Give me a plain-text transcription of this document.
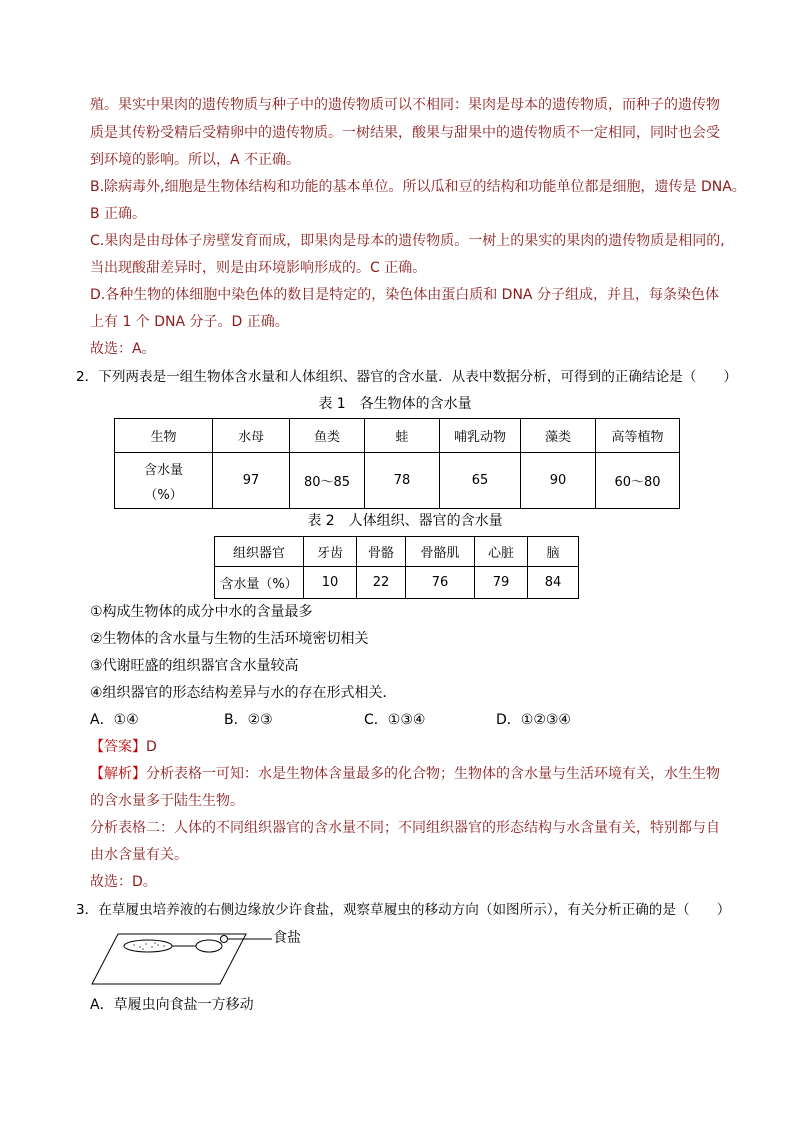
殖。果实中果肉的遗传物质与种子中的遗传物质可以不相同：果肉是母本的遗传物质，而种子的遗传物
质是其传粉受精后受精卵中的遗传物质。一树结果，酸果与甜果中的遗传物质不一定相同，同时也会受
到环境的影响。所以，A 不正确。
B.除病毒外,细胞是生物体结构和功能的基本单位。所以瓜和豆的结构和功能单位都是细胞，遗传是 DNA。
B 正确。
C.果肉是由母体子房壁发育而成，即果肉是母本的遗传物质。一树上的果实的果肉的遗传物质是相同的,
当出现酸甜差异时，则是由环境影响形成的。C 正确。
D.各种生物的体细胞中染色体的数目是特定的，染色体由蛋白质和 DNA 分子组成，并且，每条染色体
上有 1 个 DNA 分子。D 正确。
故选：A。
2．下列两表是一组生物体含水量和人体组织、器官的含水量．从表中数据分析，可得到的正确结论是（　　）
表 1　各生物体的含水量
生物	水母	鱼类	蛙	哺乳动物	藻类	高等植物

含水量
（%）	97	80～85	78	65	90	60～80
表 2　人体组织、器官的含水量
组织器官	牙齿	骨骼	骨骼肌	心脏	脑
含水量（%）	10	22	76	79	84
①构成生物体的成分中水的含量最多
②生物体的含水量与生物的生活环境密切相关
③代谢旺盛的组织器官含水量较高
④组织器官的形态结构差异与水的存在形式相关．
A．①④	B．②③	C．①③④	D．①②③④
【答案】D
【解析】分析表格一可知：水是生物体含量最多的化合物；生物体的含水量与生活环境有关，水生生物
的含水量多于陆生生物。
分析表格二：人体的不同组织器官的含水量不同；不同组织器官的形态结构与水含量有关，特别都与自
由水含量有关。
故选：D。
3．在草履虫培养液的右侧边缘放少许食盐，观察草履虫的移动方向（如图所示），有关分析正确的是（　　）
食盐
A．草履虫向食盐一方移动
